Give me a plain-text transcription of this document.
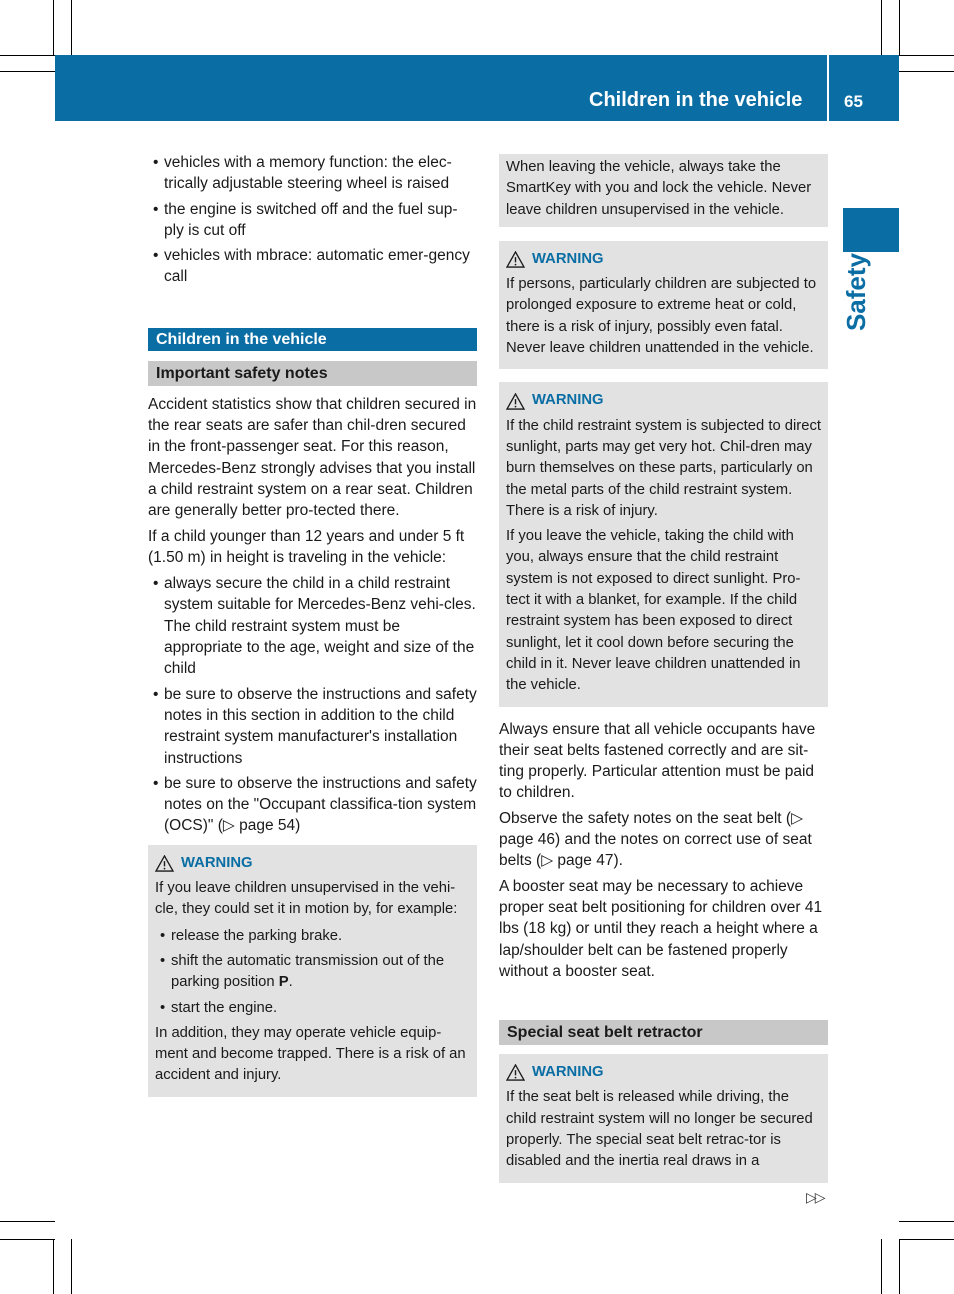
Children in the vehicle 65
Safety
• vehicles with a memory function: the elec-trically adjustable steering wheel is raised
• the engine is switched off and the fuel sup-ply is cut off
• vehicles with mbrace: automatic emer-gency call
Children in the vehicle
Important safety notes

Accident statistics show that children secured in the rear seats are safer than chil-dren secured in the front-passenger seat. For this reason, Mercedes-Benz strongly advises that you install a child restraint system on a rear seat. Children are generally better pro-tected there.

If a child younger than 12 years and under 5 ft (1.50 m) in height is traveling in the vehicle:

• always secure the child in a child restraint system suitable for Mercedes-Benz vehi-cles. The child restraint system must be appropriate to the age, weight and size of the child
• be sure to observe the instructions and safety notes in this section in addition to the child restraint system manufacturer's installation instructions
• be sure to observe the instructions and safety notes on the "Occupant classifica-tion system (OCS)" (▷ page 54)
WARNING

If you leave children unsupervised in the vehi-cle, they could set it in motion by, for example:

• release the parking brake.
• shift the automatic transmission out of the parking position P.
• start the engine.

In addition, they may operate vehicle equip-ment and become trapped. There is a risk of an accident and injury.

When leaving the vehicle, always take the SmartKey with you and lock the vehicle. Never leave children unsupervised in the vehicle.

WARNING

If persons, particularly children are subjected to prolonged exposure to extreme heat or cold, there is a risk of injury, possibly even fatal. Never leave children unattended in the vehicle.

WARNING

If the child restraint system is subjected to direct sunlight, parts may get very hot. Chil-dren may burn themselves on these parts, particularly on the metal parts of the child restraint system. There is a risk of injury.

If you leave the vehicle, taking the child with you, always ensure that the child restraint system is not exposed to direct sunlight. Pro-tect it with a blanket, for example. If the child restraint system has been exposed to direct sunlight, let it cool down before securing the child in it. Never leave children unattended in the vehicle.

Always ensure that all vehicle occupants have their seat belts fastened correctly and are sit-ting properly. Particular attention must be paid to children.

Observe the safety notes on the seat belt (▷ page 46) and the notes on correct use of seat belts (▷ page 47).

A booster seat may be necessary to achieve proper seat belt positioning for children over 41 lbs (18 kg) or until they reach a height where a lap/shoulder belt can be fastened properly without a booster seat.

Special seat belt retractor
WARNING

If the seat belt is released while driving, the child restraint system will no longer be secured properly. The special seat belt retrac-tor is disabled and the inertia real draws in a

▷▷
